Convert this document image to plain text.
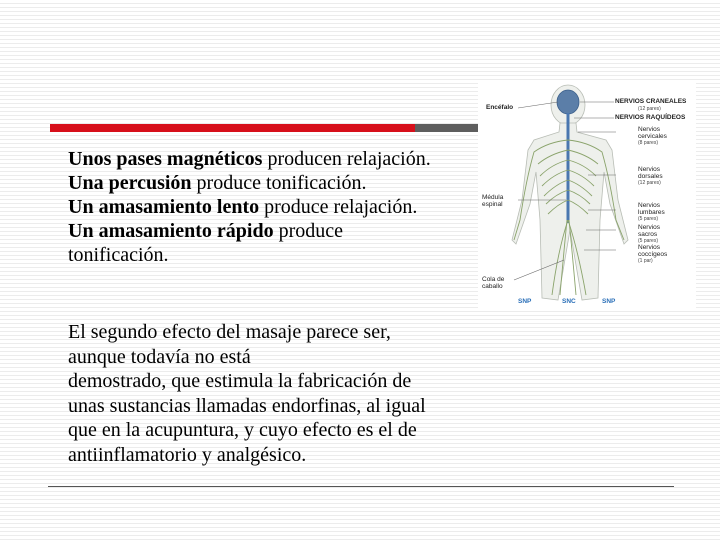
Unos pases magnéticos producen relajación.
Una percusión produce tonificación.
Un amasamiento lento produce relajación.
Un amasamiento rápido produce tonificación.
El segundo efecto del masaje parece ser,
aunque todavía no está
demostrado, que estimula la fabricación de
unas sustancias llamadas endorfinas, al igual
que en la acupuntura, y cuyo efecto es el de
antiinflamatorio y analgésico.
Encéfalo
NERVIOS CRANEALES
(12 pares)
NERVIOS RAQUÍDEOS
Nervios
cervicales
(8 pares)
Nervios
dorsales
(12 pares)
Médula
espinal	Nervios
lumbares
(5 pares)
Nervios
sacros
(5 pares)
Nervios
coccígeos
(1 par)
Cola de
caballo
SNP	SNC	SNP
